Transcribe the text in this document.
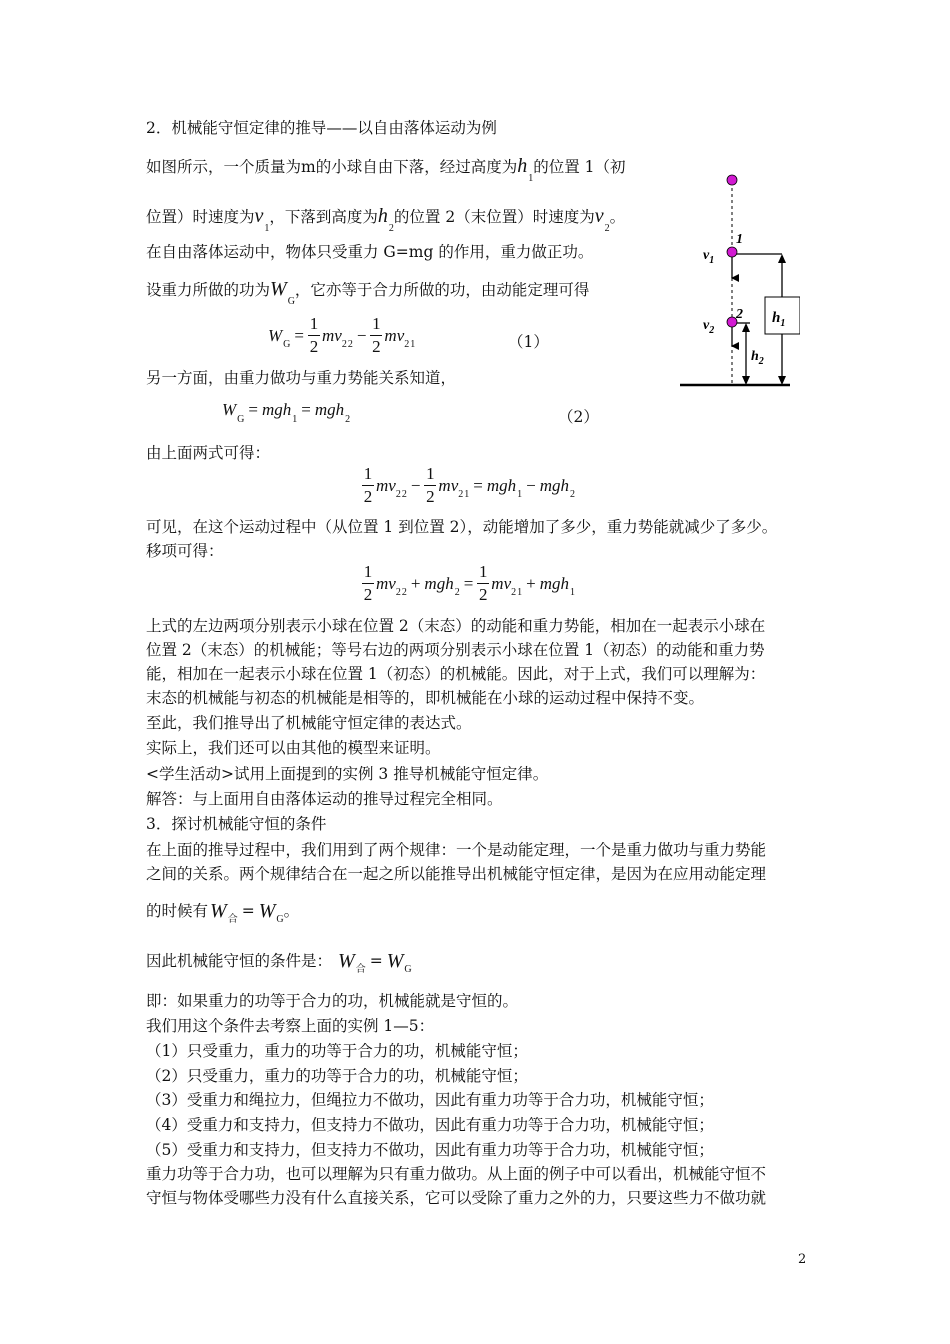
2．机械能守恒定律的推导——以自由落体运动为例
如图所示，一个质量为m的小球自由下落，经过高度为$h_1$的位置 1（初
位置）时速度为$v_1$，下落到高度为$h_2$的位置 2（末位置）时速度为$v_2$。
在自由落体运动中，物体只受重力 G=mg 的作用，重力做正功。
设重力所做的功为$W_G$，它亦等于合力所做的功，由动能定理可得
W $G = \frac{1}{2}$ mv 2 $2 - \frac{1}{2}$ mv 2 1	（1）
另一方面，由重力做功与重力势能关系知道，
W G = mgh 1 = mgh 2	（2）
由上面两式可得：
$\frac{1}{2}$ mv 2 $2 - \frac{1}{2}$ mv 2 1 = mgh 1 − mgh 2
可见，在这个运动过程中（从位置 1 到位置 2），动能增加了多少，重力势能就减少了多少。
移项可得：
$\frac{1}{2}$ mv 2 2 + mgh $2 = \frac{1}{2}$ mv 2 1 + mgh 1
上式的左边两项分别表示小球在位置 2（末态）的动能和重力势能，相加在一起表示小球在
位置 2（末态）的机械能；等号右边的两项分别表示小球在位置 1（初态）的动能和重力势
能，相加在一起表示小球在位置 1（初态）的机械能。因此，对于上式，我们可以理解为：
末态的机械能与初态的机械能是相等的，即机械能在小球的运动过程中保持不变。
至此，我们推导出了机械能守恒定律的表达式。
实际上，我们还可以由其他的模型来证明。
<学生活动>试用上面提到的实例 3 推导机械能守恒定律。
解答：与上面用自由落体运动的推导过程完全相同。
3．探讨机械能守恒的条件
在上面的推导过程中，我们用到了两个规律：一个是动能定理，一个是重力做功与重力势能
之间的关系。两个规律结合在一起之所以能推导出机械能守恒定律，是因为在应用动能定理
的时候有 W 合 = W G 。
因此机械能守恒的条件是： W 合 = W G
即：如果重力的功等于合力的功，机械能就是守恒的。
我们用这个条件去考察上面的实例 1—5：
（1）只受重力，重力的功等于合力的功，机械能守恒；
（2）只受重力，重力的功等于合力的功，机械能守恒；
（3）受重力和绳拉力，但绳拉力不做功，因此有重力功等于合力功，机械能守恒；
（4）受重力和支持力，但支持力不做功，因此有重力功等于合力功，机械能守恒；
（5）受重力和支持力，但支持力不做功，因此有重力功等于合力功，机械能守恒；
重力功等于合力功，也可以理解为只有重力做功。从上面的例子中可以看出，机械能守恒不
守恒与物体受哪些力没有什么直接关系，它可以受除了重力之外的力，只要这些力不做功就
$h_1$
$h_2$
1
2
$v_1$
$v_2$
2
